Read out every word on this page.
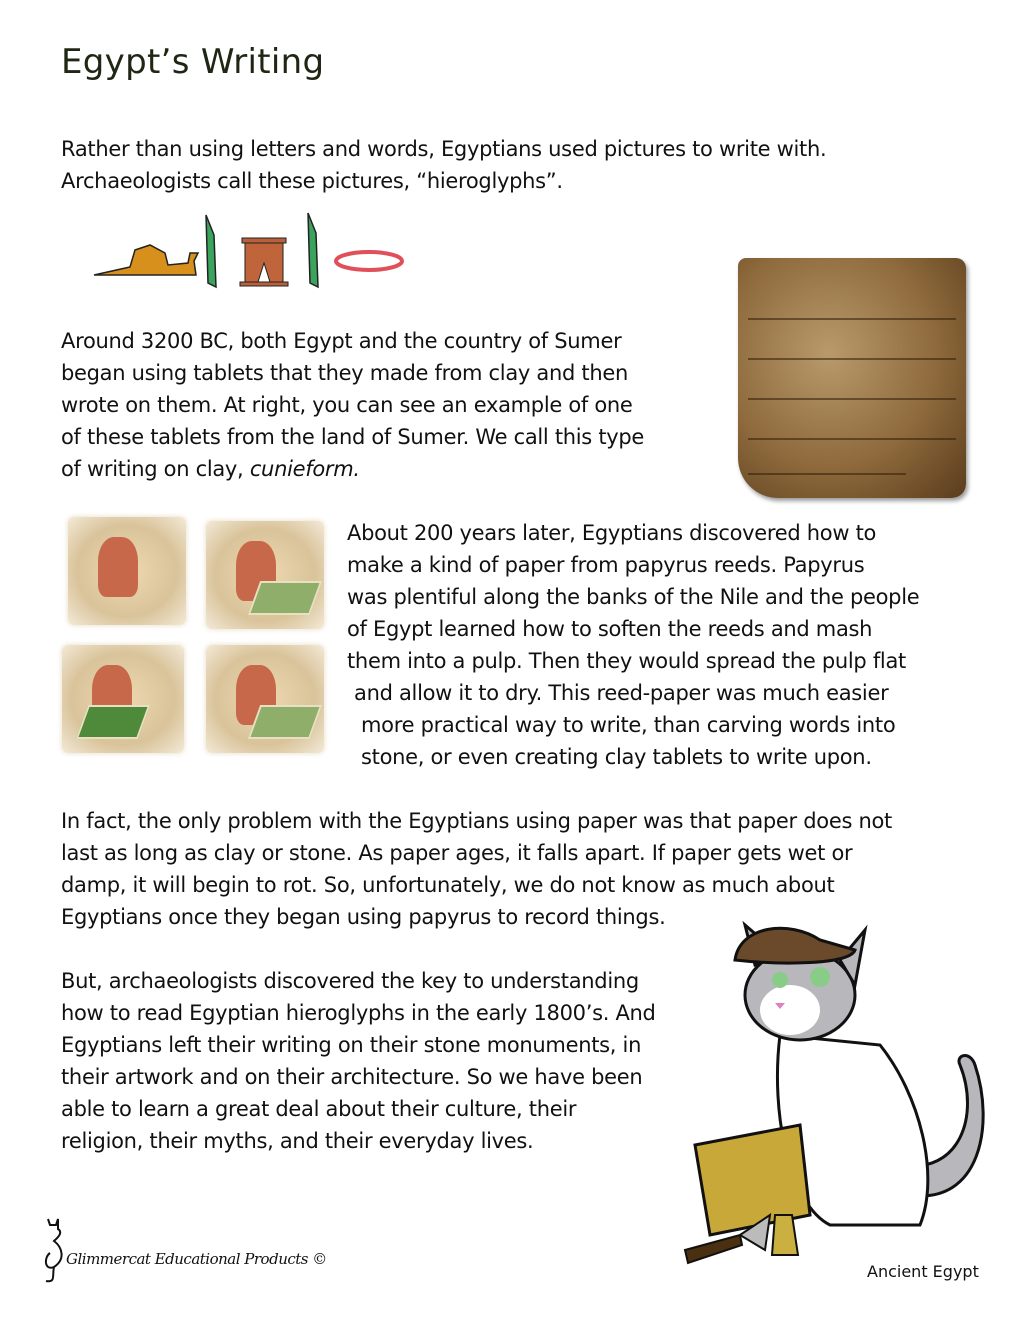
Egypt’s Writing
Rather than using letters and words, Egyptians used pictures to write with.
Archaeologists call these pictures, “hieroglyphs”.
Around 3200 BC, both Egypt and the country of Sumer
began using tablets that they made from clay and then
wrote on them. At right, you can see an example of one
of these tablets from the land of Sumer. We call this type
of writing on clay, cunieform.
About 200 years later, Egyptians discovered how to
make a kind of paper from papyrus reeds. Papyrus
was plentiful along the banks of the Nile and the people
of Egypt learned how to soften the reeds and mash
them into a pulp. Then they would spread the pulp flat
and allow it to dry. This reed-paper was much easier
more practical way to write, than carving words into
stone, or even creating clay tablets to write upon.
In fact, the only problem with the Egyptians using paper was that paper does not
last as long as clay or stone. As paper ages, it falls apart. If paper gets wet or
damp, it will begin to rot. So, unfortunately, we do not know as much about
Egyptians once they began using papyrus to record things.
But, archaeologists discovered the key to understanding
how to read Egyptian hieroglyphs in the early 1800’s. And
Egyptians left their writing on their stone monuments, in
their artwork and on their architecture. So we have been
able to learn a great deal about their culture, their
religion, their myths, and their everyday lives.
Glimmercat Educational Products ©
Ancient Egypt
